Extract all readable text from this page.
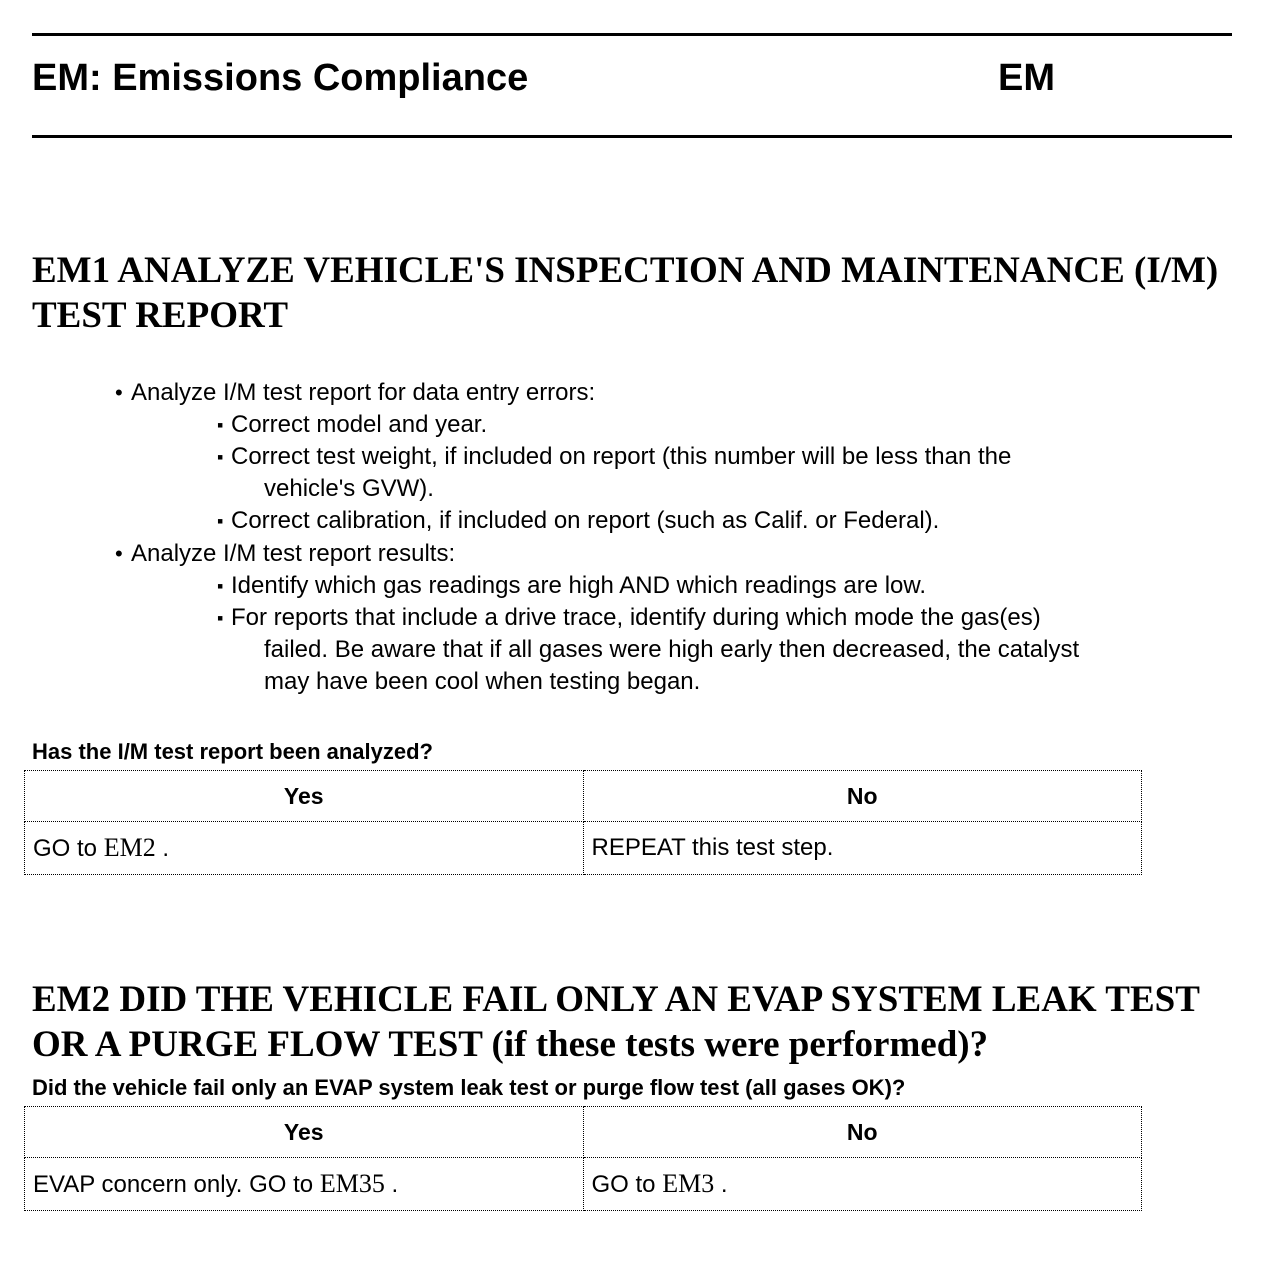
EM: Emissions Compliance	EM
EM1 ANALYZE VEHICLE'S INSPECTION AND MAINTENANCE (I/M) TEST REPORT

• Analyze I/M test report for data entry errors:

▪ Correct model and year.

▪ Correct test weight, if included on report (this number will be less than the
vehicle's GVW).

▪ Correct calibration, if included on report (such as Calif. or Federal).

• Analyze I/M test report results:

▪ Identify which gas readings are high AND which readings are low.

▪ For reports that include a drive trace, identify during which mode the gas(es)
failed. Be aware that if all gases were high early then decreased, the catalyst
may have been cool when testing began.

Has the I/M test report been analyzed?

Yes	No
GO to EM2 .	REPEAT this test step.
EM2 DID THE VEHICLE FAIL ONLY AN EVAP SYSTEM LEAK TEST OR A PURGE FLOW TEST (if these tests were performed)?

Did the vehicle fail only an EVAP system leak test or purge flow test (all gases OK)?

Yes	No
EVAP concern only. GO to EM35 .	GO to EM3 .
